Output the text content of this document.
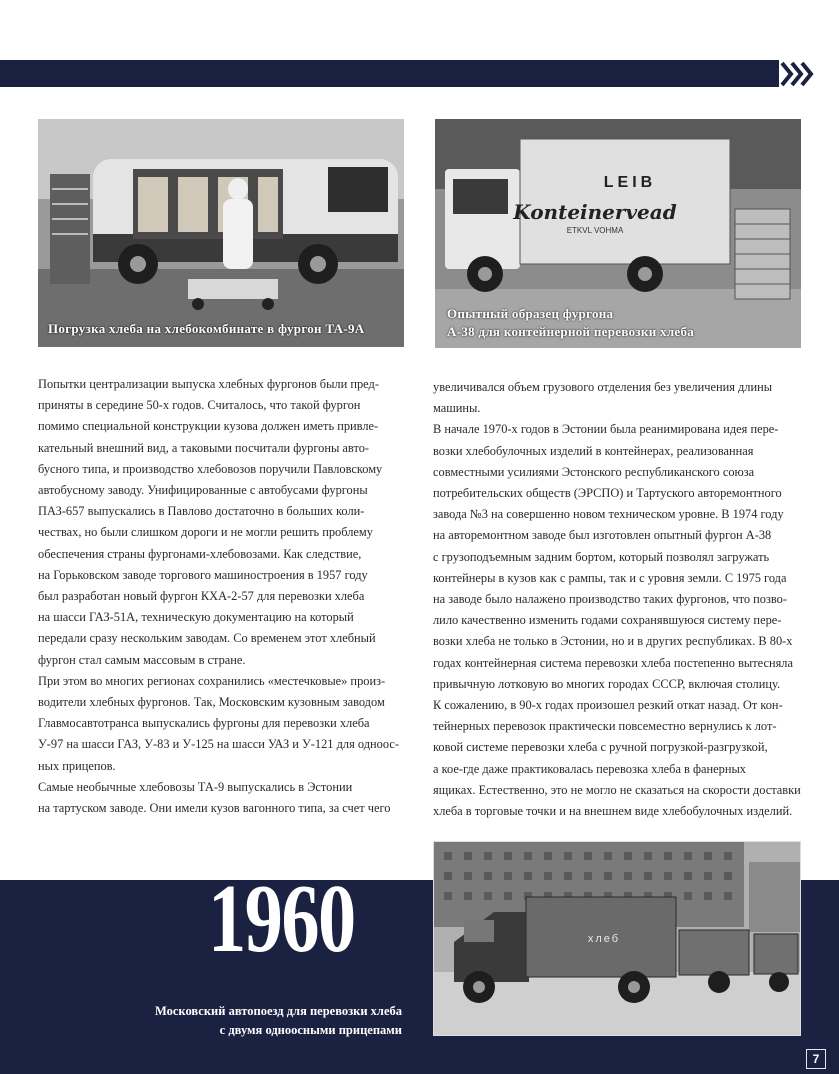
Погрузка хлеба на хлебокомбинате в фургон ТА-9А
LEIB
Konteinervead
ETKVL VOHMA
Опытный образец фургона
А-38 для контейнерной перевозки хлеба

Попытки централизации выпуска хлебных фургонов были пред-

приняты в середине 50-х годов. Считалось, что такой фургон

помимо специальной конструкции кузова должен иметь привле-

кательный внешний вид, а таковыми посчитали фургоны авто-

бусного типа, и производство хлебовозов поручили Павловскому

автобусному заводу. Унифицированные с автобусами фургоны

ПАЗ-657 выпускались в Павлово достаточно в больших коли-

чествах, но были слишком дороги и не могли решить проблему

обеспечения страны фургонами-хлебовозами. Как следствие,

на Горьковском заводе торгового машиностроения в 1957 году

был разработан новый фургон КХА-2-57 для перевозки хлеба

на шасси ГАЗ-51А, техническую документацию на который

передали сразу нескольким заводам. Со временем этот хлебный

фургон стал самым массовым в стране.

При этом во многих регионах сохранились «местечковые» произ-

водители хлебных фургонов. Так, Московским кузовным заводом

Главмосавтотранса выпускались фургоны для перевозки хлеба

У-97 на шасси ГАЗ, У-83 и У-125 на шасси УАЗ и У-121 для одноос-

ных прицепов.

Самые необычные хлебовозы ТА-9 выпускались в Эстонии

на тартуском заводе. Они имели кузов вагонного типа, за счет чего

увеличивался объем грузового отделения без увеличения длины

машины.

В начале 1970-х годов в Эстонии была реанимирована идея пере-

возки хлебобулочных изделий в контейнерах, реализованная

совместными усилиями Эстонского республиканского союза

потребительских обществ (ЭРСПО) и Тартуского авторемонтного

завода №3 на совершенно новом техническом уровне. В 1974 году

на авторемонтном заводе был изготовлен опытный фургон А-38

с грузоподъемным задним бортом, который позволял загружать

контейнеры в кузов как с рампы, так и с уровня земли. С 1975 года

на заводе было налажено производство таких фургонов, что позво-

лило качественно изменить годами сохранявшуюся систему пере-

возки хлеба не только в Эстонии, но и в других республиках. В 80-х

годах контейнерная система перевозки хлеба постепенно вытесняла

привычную лотковую во многих городах СССР, включая столицу.

К сожалению, в 90-х годах произошел резкий откат назад. От кон-

тейнерных перевозок практически повсеместно вернулись к лот-

ковой системе перевозки хлеба с ручной погрузкой-разгрузкой,

а кое-где даже практиковалась перевозка хлеба в фанерных

ящиках. Естественно, это не могло не сказаться на скорости доставки

хлеба в торговые точки и на внешнем виде хлебобулочных изделий.

хлеб
1960
Московский автопоезд для перевозки хлеба
с двумя одноосными прицепами
7
